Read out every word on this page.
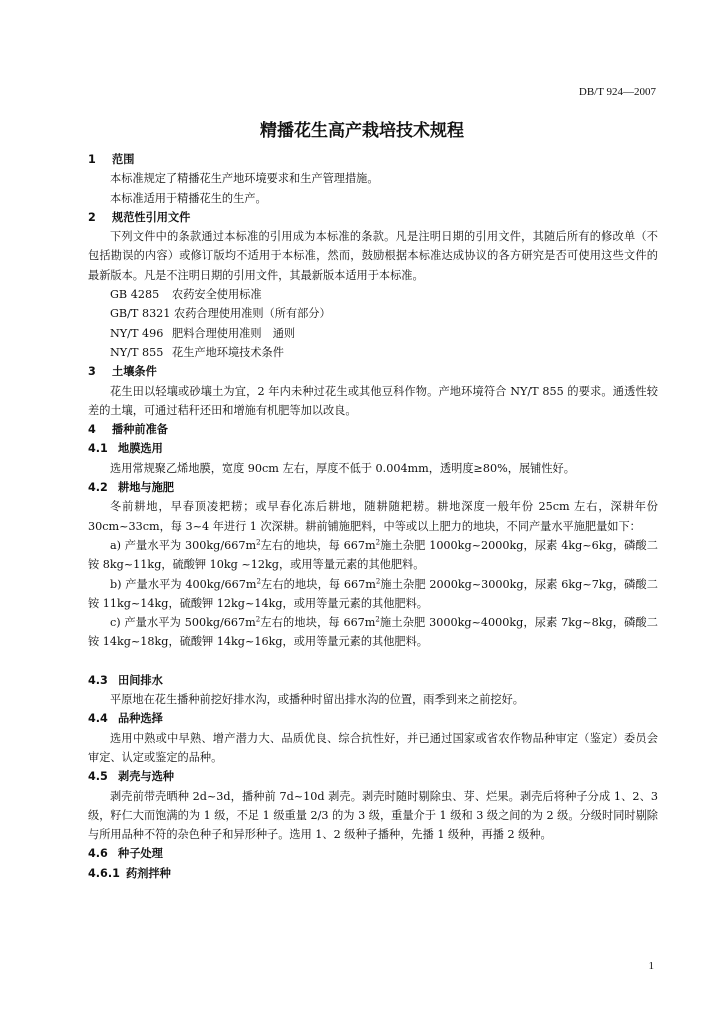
DB/T 924—2007
精播花生高产栽培技术规程
1 范围
本标准规定了精播花生产地环境要求和生产管理措施。
本标准适用于精播花生的生产。
2 规范性引用文件
下列文件中的条款通过本标准的引用成为本标准的条款。凡是注明日期的引用文件，其随后所有的修改单（不包括勘误的内容）或修订版均不适用于本标准，然而，鼓励根据本标准达成协议的各方研究是否可使用这些文件的最新版本。凡是不注明日期的引用文件，其最新版本适用于本标准。
GB 4285 农药安全使用标准
GB/T 8321 农药合理使用准则（所有部分）
NY/T 496 肥料合理使用准则　通则
NY/T 855 花生产地环境技术条件
3 土壤条件
花生田以轻壤或砂壤土为宜，2 年内未种过花生或其他豆科作物。产地环境符合 NY/T 855 的要求。通透性较差的土壤，可通过秸秆还田和增施有机肥等加以改良。
4 播种前准备
4.1 地膜选用
选用常规聚乙烯地膜，宽度 90cm 左右，厚度不低于 0.004mm，透明度≥80%，展铺性好。
4.2 耕地与施肥
冬前耕地，早春顶凌耙耢；或早春化冻后耕地，随耕随耙耢。耕地深度一般年份 25cm 左右，深耕年份 30cm~33cm，每 3~4 年进行 1 次深耕。耕前铺施肥料，中等或以上肥力的地块，不同产量水平施肥量如下：
a) 产量水平为 $300kg/667m^2$左右的地块，每 $667m^2$施土杂肥 1000kg~2000kg，尿素 4kg~6kg，磷酸二铵 8kg~11kg，硫酸钾 10kg ~12kg，或用等量元素的其他肥料。
b) 产量水平为 $400kg/667m^2$左右的地块，每 $667m^2$施土杂肥 2000kg~3000kg，尿素 6kg~7kg，磷酸二铵 11kg~14kg，硫酸钾 12kg~14kg，或用等量元素的其他肥料。
c) 产量水平为 $500kg/667m^2$左右的地块，每 $667m^2$施土杂肥 3000kg~4000kg，尿素 7kg~8kg，磷酸二铵 14kg~18kg，硫酸钾 14kg~16kg，或用等量元素的其他肥料。
4.3 田间排水
平原地在花生播种前挖好排水沟，或播种时留出排水沟的位置，雨季到来之前挖好。
4.4 品种选择
选用中熟或中早熟、增产潜力大、品质优良、综合抗性好，并已通过国家或省农作物品种审定（鉴定）委员会审定、认定或鉴定的品种。
4.5 剥壳与选种
剥壳前带壳晒种 2d~3d，播种前 7d~10d 剥壳。剥壳时随时剔除虫、芽、烂果。剥壳后将种子分成 1、2、3 级，籽仁大而饱满的为 1 级，不足 1 级重量 2/3 的为 3 级，重量介于 1 级和 3 级之间的为 2 级。分级时同时剔除与所用品种不符的杂色种子和异形种子。选用 1、2 级种子播种，先播 1 级种，再播 2 级种。
4.6 种子处理
4.6.1 药剂拌种
1
